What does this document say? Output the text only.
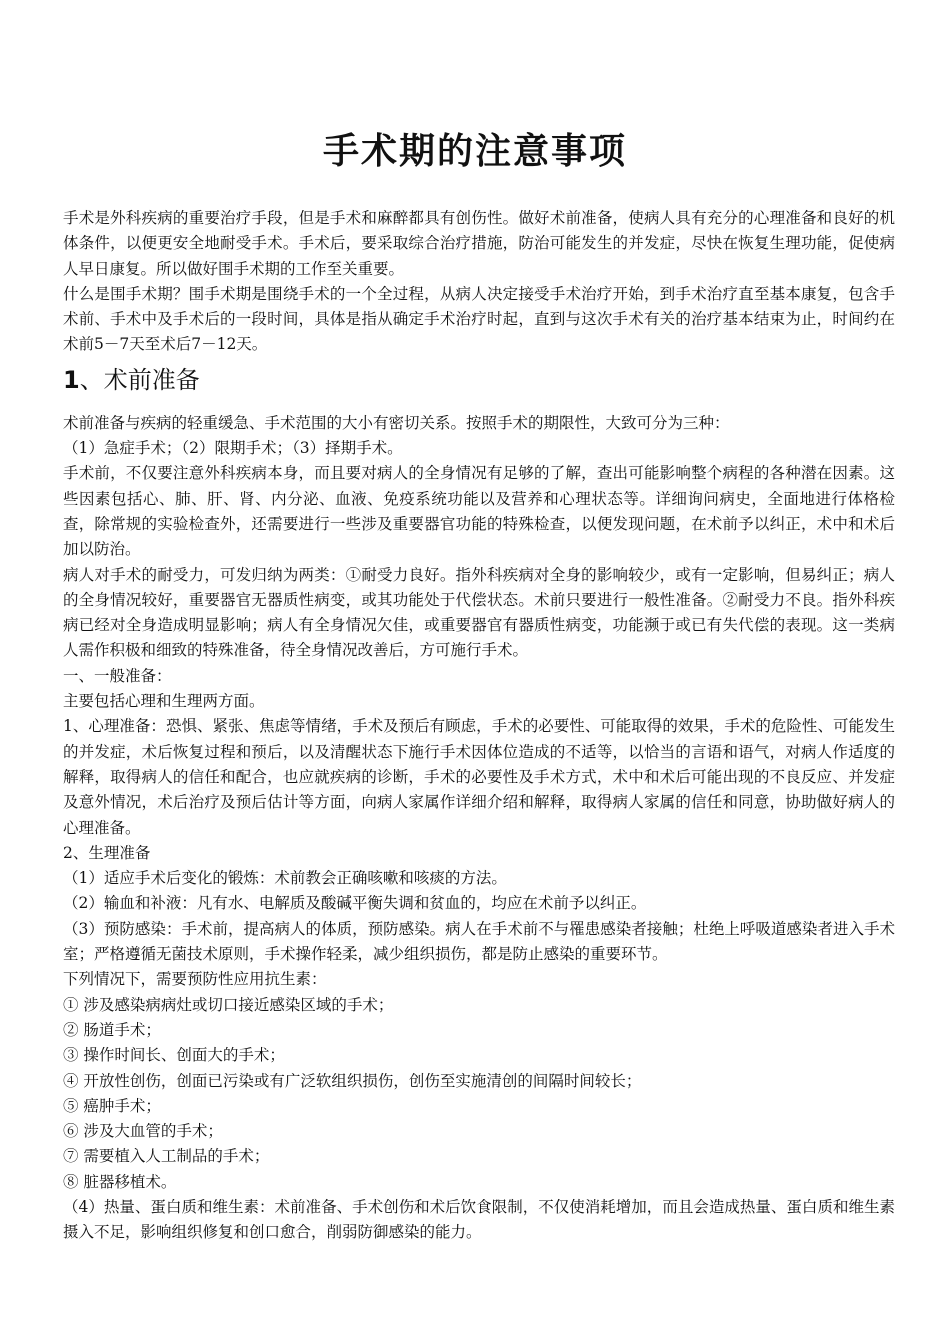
手术期的注意事项

手术是外科疾病的重要治疗手段，但是手术和麻醉都具有创伤性。做好术前准备，使病人具有充分的心理准备和良好的机体条件，以便更安全地耐受手术。手术后，要采取综合治疗措施，防治可能发生的并发症，尽快在恢复生理功能，促使病人早日康复。所以做好围手术期的工作至关重要。

什么是围手术期？围手术期是围绕手术的一个全过程，从病人决定接受手术治疗开始，到手术治疗直至基本康复，包含手术前、手术中及手术后的一段时间，具体是指从确定手术治疗时起，直到与这次手术有关的治疗基本结束为止，时间约在术前5－7天至术后7－12天。

1、术前准备

术前准备与疾病的轻重缓急、手术范围的大小有密切关系。按照手术的期限性，大致可分为三种：

（1）急症手术；（2）限期手术；（3）择期手术。

手术前，不仅要注意外科疾病本身，而且要对病人的全身情况有足够的了解，查出可能影响整个病程的各种潜在因素。这些因素包括心、肺、肝、肾、内分泌、血液、免疫系统功能以及营养和心理状态等。详细询问病史，全面地进行体格检查，除常规的实验检查外，还需要进行一些涉及重要器官功能的特殊检查，以便发现问题，在术前予以纠正，术中和术后加以防治。

病人对手术的耐受力，可发归纳为两类：①耐受力良好。指外科疾病对全身的影响较少，或有一定影响，但易纠正；病人的全身情况较好，重要器官无器质性病变，或其功能处于代偿状态。术前只要进行一般性准备。②耐受力不良。指外科疾病已经对全身造成明显影响；病人有全身情况欠佳，或重要器官有器质性病变，功能濒于或已有失代偿的表现。这一类病人需作积极和细致的特殊准备，待全身情况改善后，方可施行手术。

一、一般准备：

主要包括心理和生理两方面。

1、心理准备：恐惧、紧张、焦虑等情绪，手术及预后有顾虑，手术的必要性、可能取得的效果，手术的危险性、可能发生的并发症，术后恢复过程和预后，以及清醒状态下施行手术因体位造成的不适等，以恰当的言语和语气，对病人作适度的解释，取得病人的信任和配合，也应就疾病的诊断，手术的必要性及手术方式，术中和术后可能出现的不良反应、并发症及意外情况，术后治疗及预后估计等方面，向病人家属作详细介绍和解释，取得病人家属的信任和同意，协助做好病人的心理准备。

2、生理准备

（1）适应手术后变化的锻炼：术前教会正确咳嗽和咳痰的方法。

（2）输血和补液：凡有水、电解质及酸碱平衡失调和贫血的，均应在术前予以纠正。

（3）预防感染：手术前，提高病人的体质，预防感染。病人在手术前不与罹患感染者接触；杜绝上呼吸道感染者进入手术室；严格遵循无菌技术原则，手术操作轻柔，减少组织损伤，都是防止感染的重要环节。

下列情况下，需要预防性应用抗生素：

① 涉及感染病病灶或切口接近感染区域的手术；

② 肠道手术；

③ 操作时间长、创面大的手术；

④ 开放性创伤，创面已污染或有广泛软组织损伤，创伤至实施清创的间隔时间较长；

⑤ 癌肿手术；

⑥ 涉及大血管的手术；

⑦ 需要植入人工制品的手术；

⑧ 脏器移植术。

（4）热量、蛋白质和维生素：术前准备、手术创伤和术后饮食限制，不仅使消耗增加，而且会造成热量、蛋白质和维生素摄入不足，影响组织修复和创口愈合，削弱防御感染的能力。
